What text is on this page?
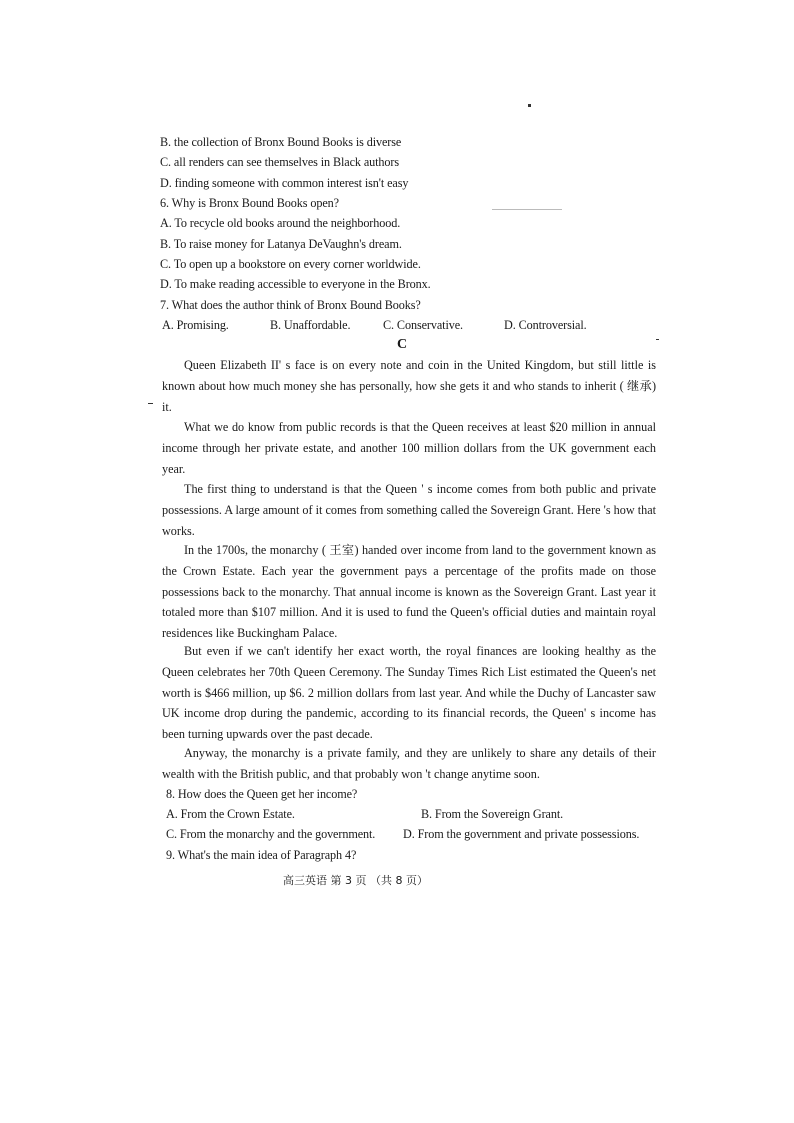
B. the collection of Bronx Bound Books is diverse
C. all renders can see themselves in Black authors
D. finding someone with common interest isn't easy
6. Why is Bronx Bound Books open?
A. To recycle old books around the neighborhood.
B. To raise money for Latanya DeVaughn's dream.
C. To open up a bookstore on every corner worldwide.
D. To make reading accessible to everyone in the Bronx.
7. What does the author think of Bronx Bound Books?
A. Promising.	B. Unaffordable.	C. Conservative.	D. Controversial.
C
Queen Elizabeth II' s face is on every note and coin in the United Kingdom, but still little is known about how much money she has personally, how she gets it and who stands to inherit ( 继承) it.
What we do know from public records is that the Queen receives at least $20 million in annual income through her private estate, and another 100 million dollars from the UK government each year.
The first thing to understand is that the Queen ' s income comes from both public and private possessions. A large amount of it comes from something called the Sovereign Grant. Here 's how that works.
In the 1700s, the monarchy ( 王室) handed over income from land to the government known as the Crown Estate. Each year the government pays a percentage of the profits made on those possessions back to the monarchy. That annual income is known as the Sovereign Grant. Last year it totaled more than $107 million. And it is used to fund the Queen's official duties and maintain royal residences like Buckingham Palace.
But even if we can't identify her exact worth, the royal finances are looking healthy as the Queen celebrates her 70th Queen Ceremony. The Sunday Times Rich List estimated the Queen's net worth is $466 million, up $6. 2 million dollars from last year. And while the Duchy of Lancaster saw UK income drop during the pandemic, according to its financial records, the Queen' s income has been turning upwards over the past decade.
Anyway, the monarchy is a private family, and they are unlikely to share any details of their wealth with the British public, and that probably won 't change anytime soon.
8. How does the Queen get her income?
A. From the Crown Estate.	B. From the Sovereign Grant.
C. From the monarchy and the government. D. From the government and private possessions.
9. What's the main idea of Paragraph 4?
高三英语 第 3 页 （共 8 页）
